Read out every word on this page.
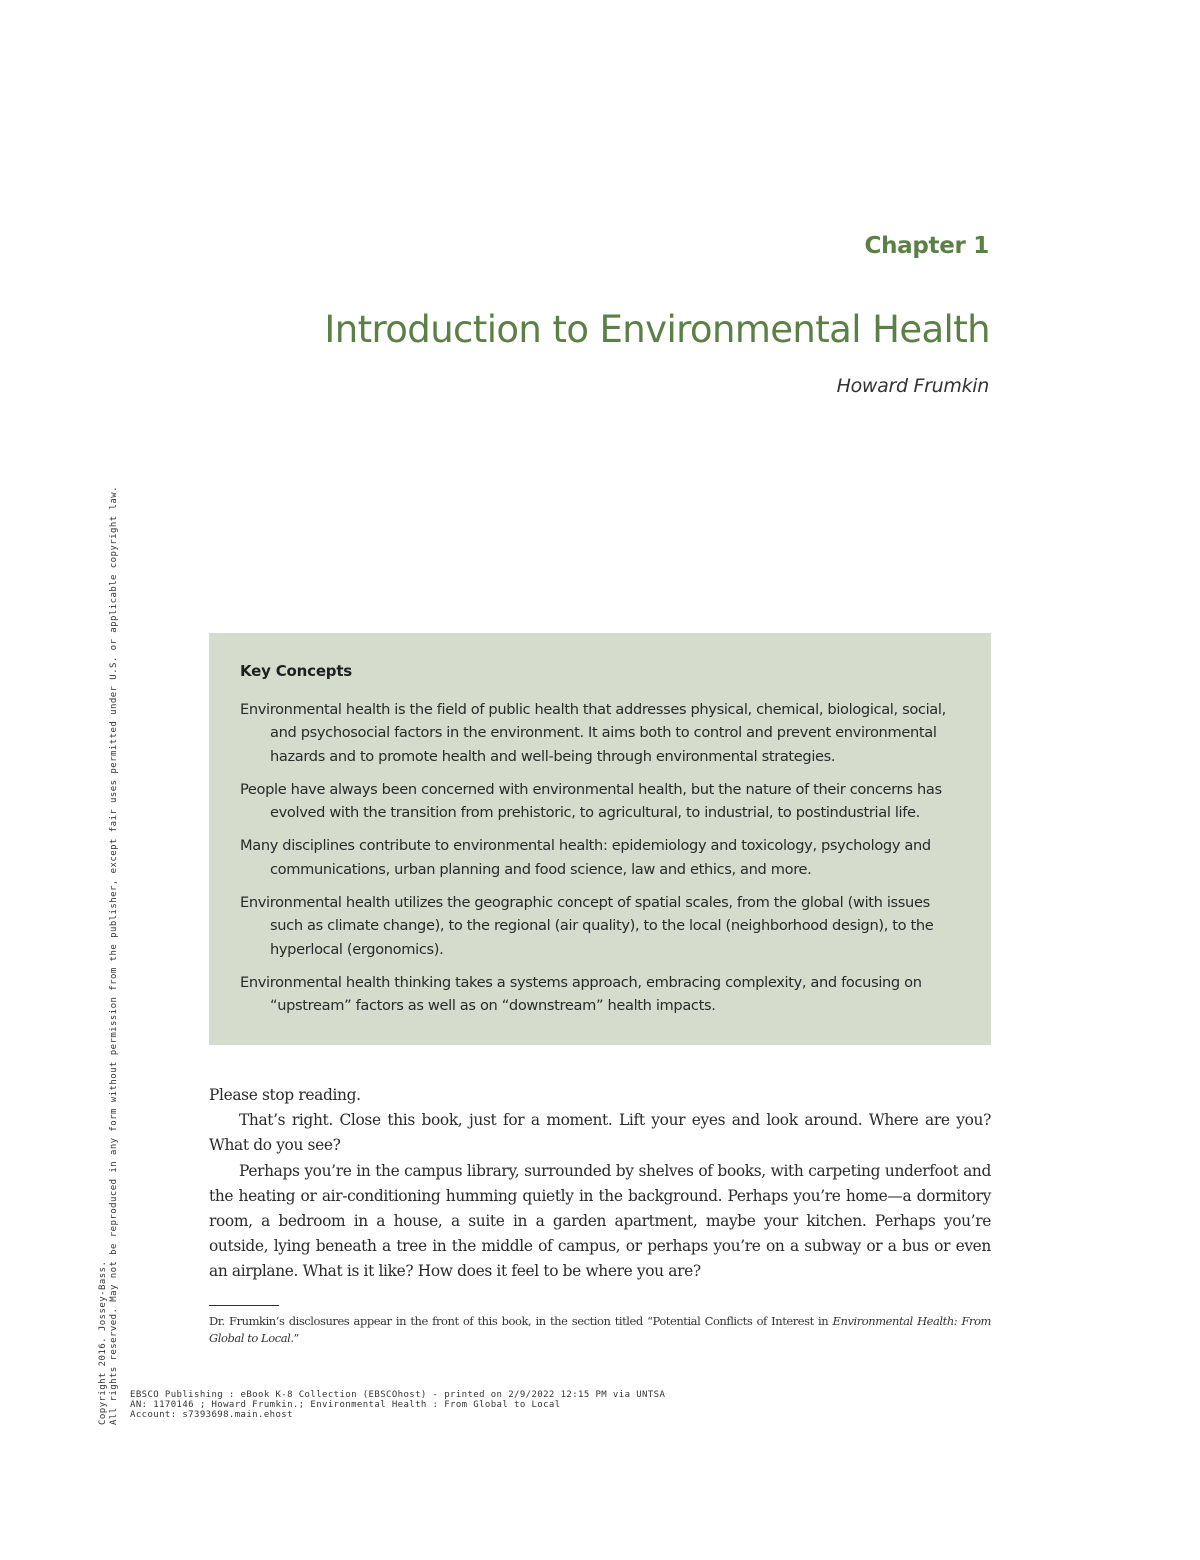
Chapter 1
Introduction to Environmental Health
Howard Frumkin
Key Concepts
Environmental health is the field of public health that addresses physical, chemical, biological, social, and psychosocial factors in the environment. It aims both to control and prevent environmental hazards and to promote health and well-being through environmental strategies.
People have always been concerned with environmental health, but the nature of their concerns has evolved with the transition from prehistoric, to agricultural, to industrial, to postindustrial life.
Many disciplines contribute to environmental health: epidemiology and toxicology, psychology and communications, urban planning and food science, law and ethics, and more.
Environmental health utilizes the geographic concept of spatial scales, from the global (with issues such as climate change), to the regional (air quality), to the local (neighborhood design), to the hyperlocal (ergonomics).
Environmental health thinking takes a systems approach, embracing complexity, and focusing on “upstream” factors as well as on “downstream” health impacts.

Please stop reading.

That’s right. Close this book, just for a moment. Lift your eyes and look around. Where are you? What do you see?

Perhaps you’re in the campus library, surrounded by shelves of books, with carpeting underfoot and the heating or air-conditioning humming quietly in the background. Perhaps you’re home—a dormitory room, a bedroom in a house, a suite in a garden apartment, maybe your kitchen. Perhaps you’re outside, lying beneath a tree in the middle of campus, or perhaps you’re on a subway or a bus or even an airplane. What is it like? How does it feel to be where you are?

Dr. Frumkin’s disclosures appear in the front of this book, in the section titled “Potential Conflicts of Interest in Environmental Health: From Global to Local.”
EBSCO Publishing : eBook K-8 Collection (EBSCOhost) - printed on 2/9/2022 12:15 PM via UNTSA
AN: 1170146 ; Howard Frumkin.; Environmental Health : From Global to Local
Account: s7393698.main.ehost
Copyright 2016. Jossey-Bass. All rights reserved. May not be reproduced in any form without permission from the publisher, except fair uses permitted under U.S. or applicable copyright law.
